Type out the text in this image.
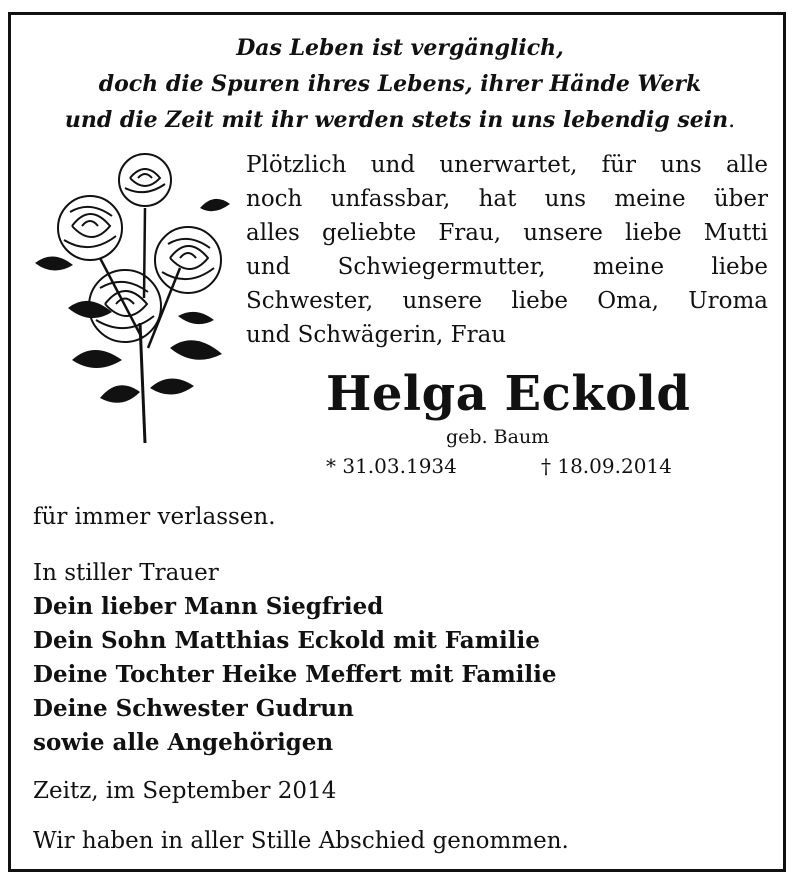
Das Leben ist vergänglich,
doch die Spuren ihres Lebens, ihrer Hände Werk
und die Zeit mit ihr werden stets in uns lebendig sein.
Plötzlich und unerwartet, für uns alle
noch unfassbar, hat uns meine über
alles geliebte Frau, unsere liebe Mutti
und Schwiegermutter, meine liebe
Schwester, unsere liebe Oma, Uroma
und Schwägerin, Frau
Helga Eckold
geb. Baum
* 31.03.1934	† 18.09.2014
für immer verlassen.
In stiller Trauer
Dein lieber Mann Siegfried
Dein Sohn Matthias Eckold mit Familie
Deine Tochter Heike Meffert mit Familie
Deine Schwester Gudrun
sowie alle Angehörigen
Zeitz, im September 2014
Wir haben in aller Stille Abschied genommen.
